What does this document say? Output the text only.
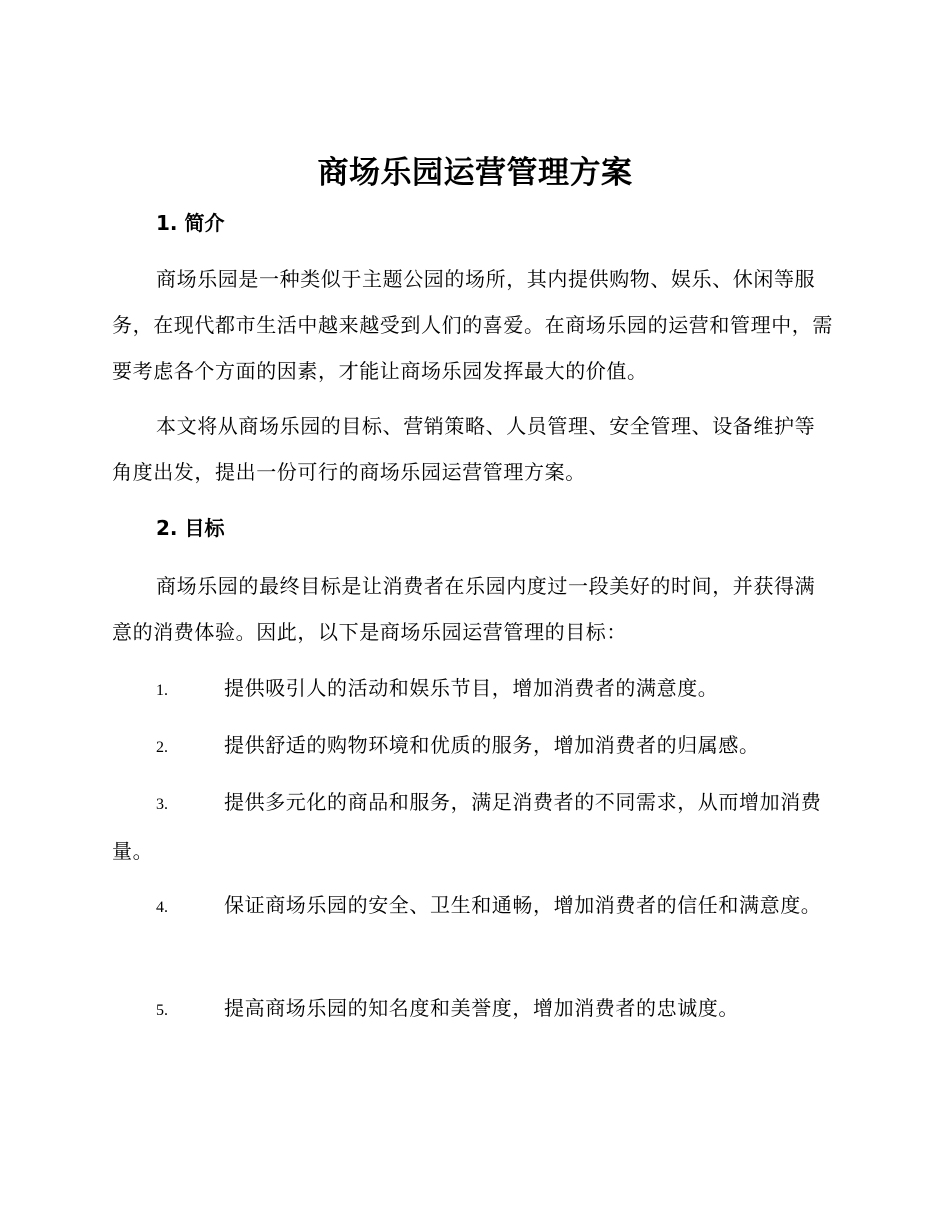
商场乐园运营管理方案
1. 简介

商场乐园是一种类似于主题公园的场所，其内提供购物、娱乐、休闲等服务，在现代都市生活中越来越受到人们的喜爱。在商场乐园的运营和管理中，需要考虑各个方面的因素，才能让商场乐园发挥最大的价值。

本文将从商场乐园的目标、营销策略、人员管理、安全管理、设备维护等角度出发，提出一份可行的商场乐园运营管理方案。

2. 目标

商场乐园的最终目标是让消费者在乐园内度过一段美好的时间，并获得满意的消费体验。因此，以下是商场乐园运营管理的目标：

1.	提供吸引人的活动和娱乐节目，增加消费者的满意度。

2.	提供舒适的购物环境和优质的服务，增加消费者的归属感。

3.	提供多元化的商品和服务，满足消费者的不同需求，从而增加消费量。

4.	保证商场乐园的安全、卫生和通畅，增加消费者的信任和满意度。

5.	提高商场乐园的知名度和美誉度，增加消费者的忠诚度。
